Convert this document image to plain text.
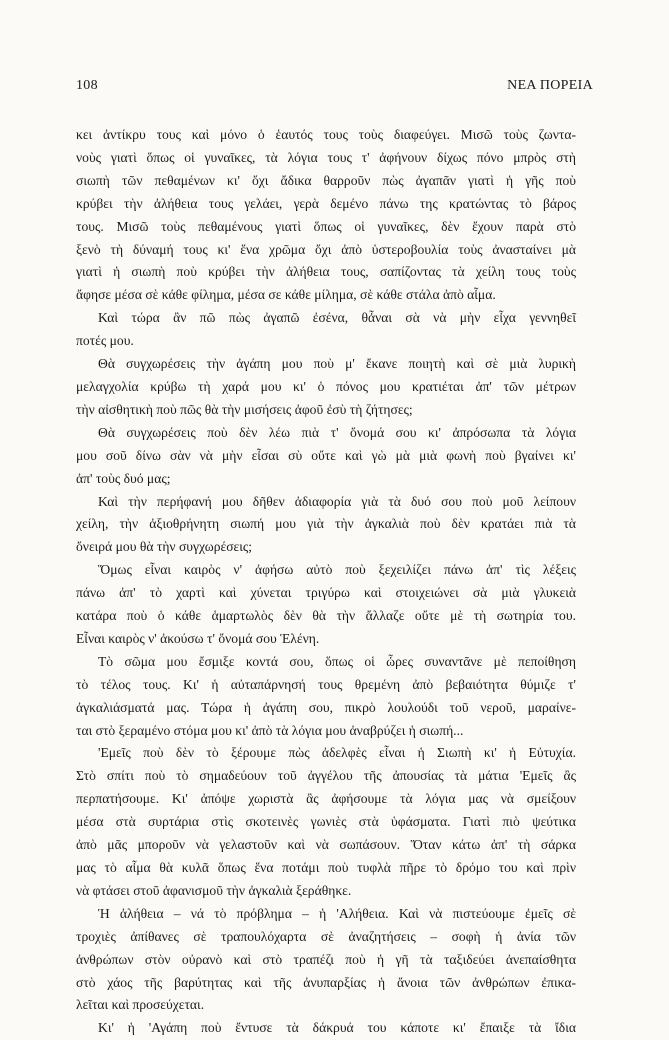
108	ΝΕΑ ΠΟΡΕΙΑ
κει ἀντίκρυ τους καὶ μόνο ὁ ἑαυτός τους τοὺς διαφεύγει. Μισῶ τοὺς ζωντα-
νοὺς γιατὶ ὅπως οἱ γυναῖκες, τὰ λόγια τους τ' ἀφήνουν δίχως πόνο μπρὸς στὴ
σιωπὴ τῶν πεθαμένων κι' ὄχι ἄδικα θαρροῦν πὼς ἀγαπᾶν γιατὶ ἡ γῆς ποὺ
κρύβει τὴν ἀλήθεια τους γελάει, γερὰ δεμένο πάνω της κρατώντας τὸ βάρος
τους. Μισῶ τοὺς πεθαμένους γιατὶ ὅπως οἱ γυναῖκες, δὲν ἔχουν παρὰ στὸ
ξενὸ τὴ δύναμή τους κι' ἕνα χρῶμα ὄχι ἀπὸ ὑστεροβουλία τοὺς ἀνασταίνει μὰ
γιατὶ ἡ σιωπὴ ποὺ κρύβει τὴν ἀλήθεια τους, σαπίζοντας τὰ χείλη τους τοὺς
ἄφησε μέσα σὲ κάθε φίλημα, μέσα σε κάθε μίλημα, σὲ κάθε στάλα ἀπὸ αἷμα.
Καὶ τώρα ἂν πῶ πὼς ἀγαπῶ ἐσένα, θἆναι σὰ νὰ μὴν εἶχα γεννηθεῖ
ποτές μου.
Θὰ συγχωρέσεις τὴν ἀγάπη μου ποὺ μ' ἔκανε ποιητὴ καὶ σὲ μιὰ λυρικὴ
μελαγχολία κρύβω τὴ χαρά μου κι' ὁ πόνος μου κρατιέται ἀπ' τῶν μέτρων
τὴν αἰσθητικὴ ποὺ πῶς θὰ τὴν μισήσεις ἀφοῦ ἐσὺ τὴ ζήτησες;
Θὰ συγχωρέσεις ποὺ δὲν λέω πιὰ τ' ὄνομά σου κι' ἀπρόσωπα τὰ λόγια
μου σοῦ δίνω σὰν νὰ μὴν εἶσαι σὺ οὔτε καὶ γὼ μὰ μιὰ φωνὴ ποὺ βγαίνει κι'
ἀπ' τοὺς δυό μας;
Καὶ τὴν περήφανή μου δῆθεν ἀδιαφορία γιὰ τὰ δυό σου ποὺ μοῦ λείπουν
χείλη, τὴν ἀξιοθρήνητη σιωπή μου γιὰ τὴν ἀγκαλιὰ ποὺ δὲν κρατάει πιὰ τὰ
ὄνειρά μου θὰ τὴν συγχωρέσεις;
Ὅμως εἶναι καιρὸς ν' ἀφήσω αὐτὸ ποὺ ξεχειλίζει πάνω ἀπ' τὶς λέξεις
πάνω ἀπ' τὸ χαρτὶ καὶ χύνεται τριγύρω καὶ στοιχειώνει σὰ μιὰ γλυκειὰ
κατάρα ποὺ ὁ κάθε ἁμαρτωλὸς δὲν θὰ τὴν ἄλλαζε οὔτε μὲ τὴ σωτηρία του.
Εἶναι καιρὸς ν' ἀκούσω τ' ὄνομά σου Ἑλένη.
Τὸ σῶμα μου ἔσμιξε κοντά σου, ὅπως οἱ ὧρες συναντᾶνε μὲ πεποίθηση
τὸ τέλος τους. Κι' ἡ αὐταπάρνησή τους θρεμένη ἀπὸ βεβαιότητα θύμιζε τ'
ἀγκαλιάσματά μας. Τώρα ἡ ἀγάπη σου, πικρὸ λουλούδι τοῦ νεροῦ, μαραίνε-
ται στὸ ξεραμένο στόμα μου κι' ἀπὸ τὰ λόγια μου ἀναβρύζει ἡ σιωπή...
'Εμεῖς ποὺ δὲν τὸ ξέρουμε πὼς ἀδελφὲς εἶναι ἡ Σιωπὴ κι' ἡ Εὐτυχία.
Στὸ σπίτι ποὺ τὸ σημαδεύουν τοῦ ἀγγέλου τῆς ἀπουσίας τὰ μάτια 'Εμεῖς ἂς
περπατήσουμε. Κι' ἀπόψε χωριστὰ ἂς ἀφήσουμε τὰ λόγια μας νὰ σμείξουν
μέσα στὰ συρτάρια στὶς σκοτεινὲς γωνιὲς στὰ ὑφάσματα. Γιατὶ πιὸ ψεύτικα
ἀπὸ μᾶς μποροῦν νὰ γελαστοῦν καὶ νὰ σωπάσουν. Ὅταν κάτω ἀπ' τὴ σάρκα
μας τὸ αἷμα θὰ κυλᾶ ὅπως ἕνα ποτάμι ποὺ τυφλὰ πῆρε τὸ δρόμο του καὶ πρὶν
νὰ φτάσει στοῦ ἀφανισμοῦ τὴν ἀγκαλιὰ ξεράθηκε.
Ἡ ἀλήθεια – νά τὸ πρόβλημα – ἡ 'Αλήθεια. Καὶ νὰ πιστεύουμε ἐμεῖς σὲ
τροχιὲς ἀπίθανες σὲ τραπουλόχαρτα σὲ ἀναζητήσεις – σοφὴ ἡ ἀνία τῶν
ἀνθρώπων στὸν οὐρανὸ καὶ στὸ τραπέζι ποὺ ἡ γῆ τὰ ταξιδεύει ἀνεπαίσθητα
στὸ χάος τῆς βαρύτητας καὶ τῆς ἀνυπαρξίας ἡ ἄνοια τῶν ἀνθρώπων ἐπικα-
λεῖται καὶ προσεύχεται.
Κι' ἡ 'Αγάπη ποὺ ἔντυσε τὰ δάκρυά του κάποτε κι' ἔπαιξε τὰ ἴδια
